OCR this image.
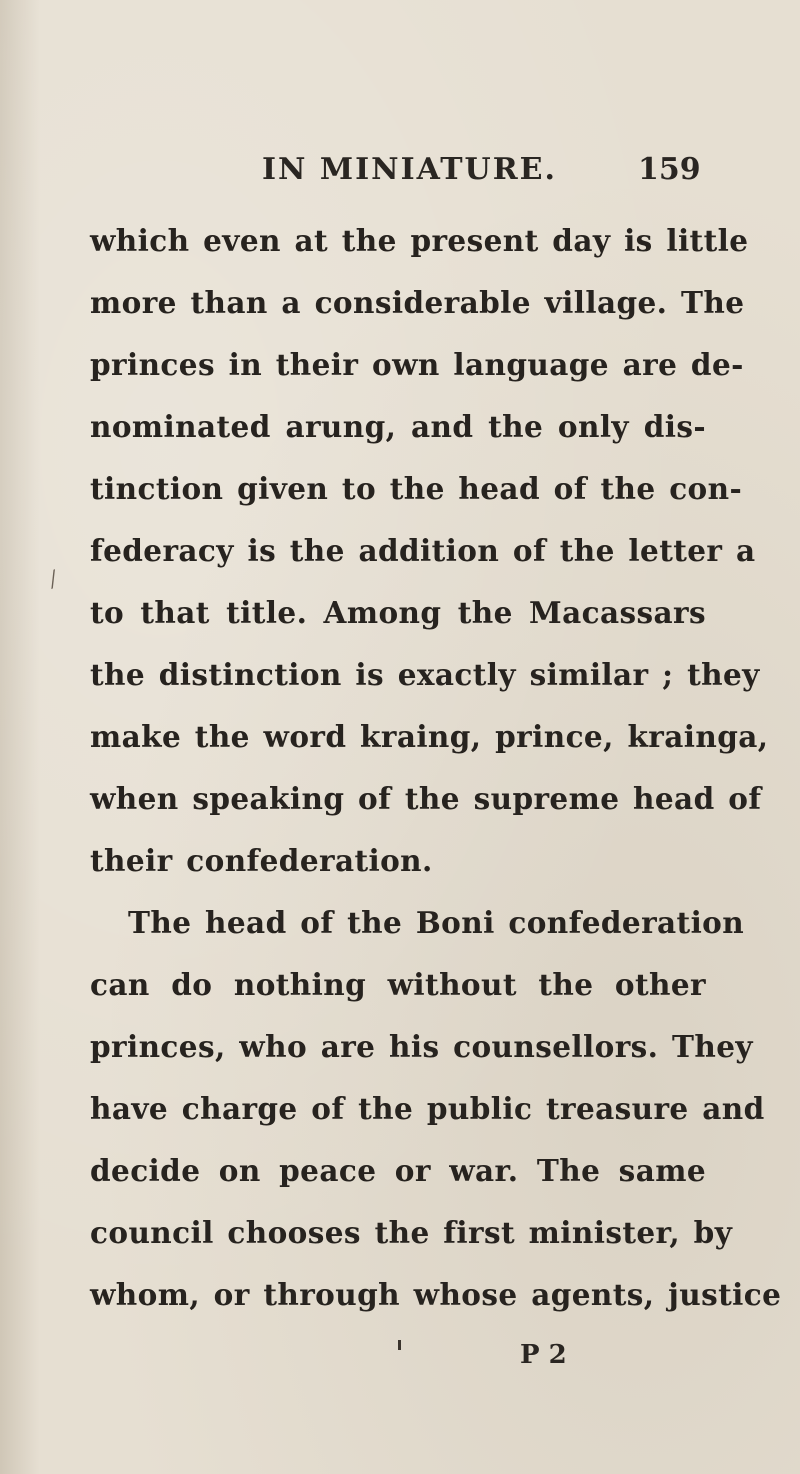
IN MINIATURE.	159
⁄
which even at the present day is little
more than a considerable village. The
princes in their own language are de-
nominated arung, and the only dis-
tinction given to the head of the con-
federacy is the addition of the letter a
to that title. Among the Macassars
the distinction is exactly similar ; they
make the word kraing, prince, krainga,
when speaking of the supreme head of
their confederation.
The head of the Boni confederation
can do nothing without the other
princes, who are his counsellors. They
have charge of the public treasure and
decide on peace or war. The same
council chooses the first minister, by
whom, or through whose agents, justice
P 2
